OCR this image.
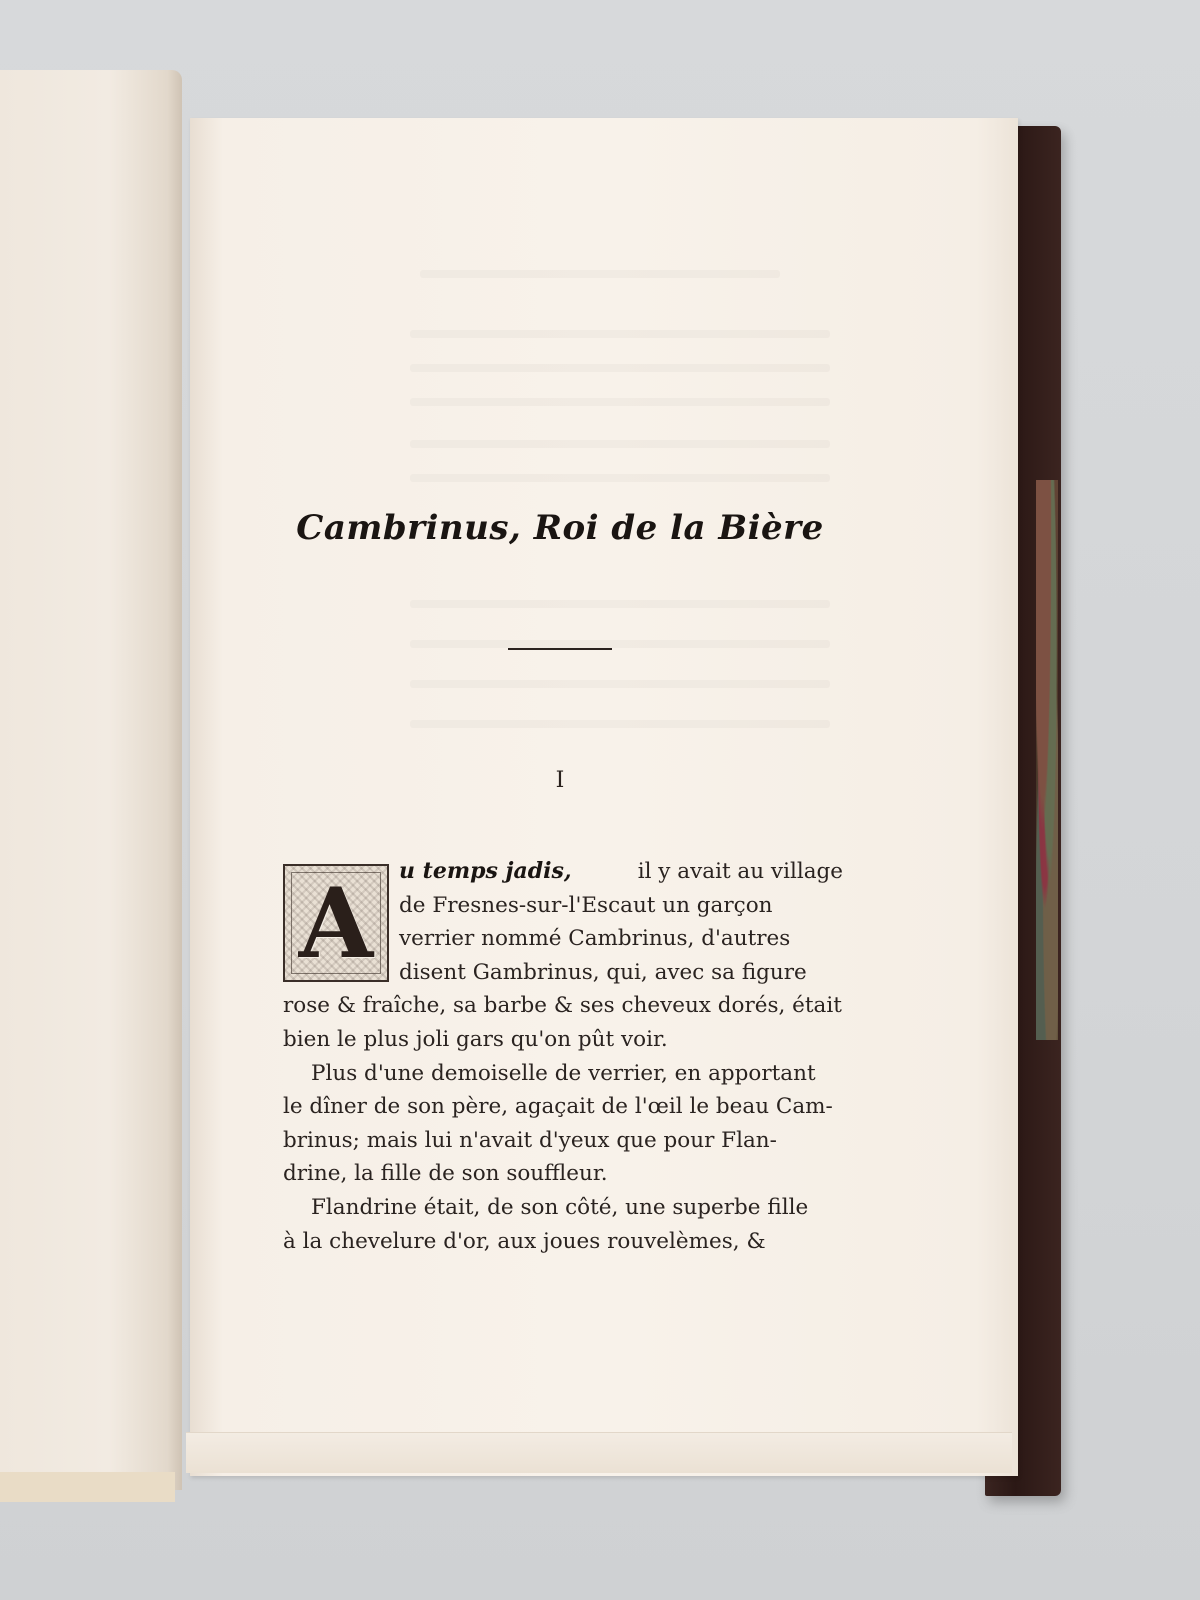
Cambrinus, Roi de la Bière
I
A	u temps jadis,	il y avait au village
de Fresnes-sur-l'Escaut un garçon
verrier nommé Cambrinus, d'autres
disent Gambrinus, qui, avec sa figure
rose & fraîche, sa barbe & ses cheveux dorés, était
bien le plus joli gars qu'on pût voir.
Plus d'une demoiselle de verrier, en apportant
le dîner de son père, agaçait de l'œil le beau Cam-
brinus; mais lui n'avait d'yeux que pour Flan-
drine, la fille de son souffleur.
Flandrine était, de son côté, une superbe fille
à la chevelure d'or, aux joues rouvelèmes, &
